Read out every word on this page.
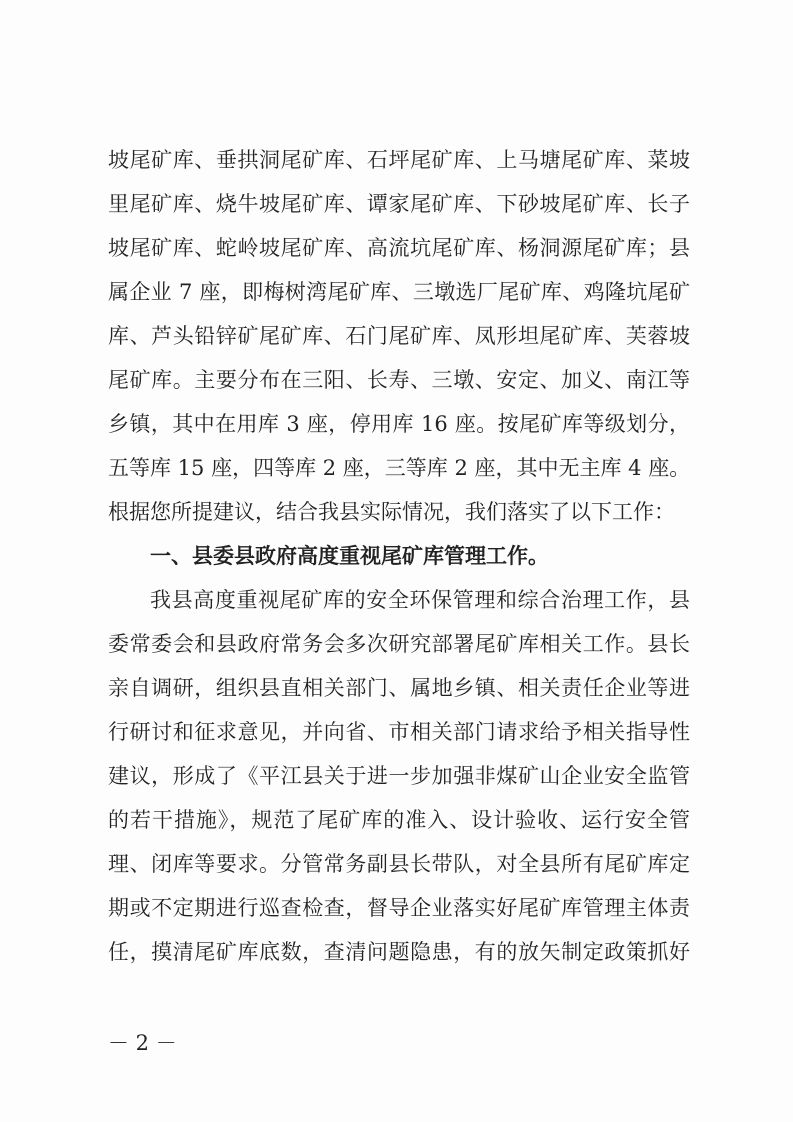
坡尾矿库、垂拱洞尾矿库、石坪尾矿库、上马塘尾矿库、菜坡
里尾矿库、烧牛坡尾矿库、谭家尾矿库、下砂坡尾矿库、长子
坡尾矿库、蛇岭坡尾矿库、高流坑尾矿库、杨洞源尾矿库；县
属企业 7 座，即梅树湾尾矿库、三墩选厂尾矿库、鸡隆坑尾矿
库、芦头铅锌矿尾矿库、石门尾矿库、凤形坦尾矿库、芙蓉坡
尾矿库。主要分布在三阳、长寿、三墩、安定、加义、南江等
乡镇，其中在用库 3 座，停用库 16 座。按尾矿库等级划分，
五等库 15 座，四等库 2 座，三等库 2 座，其中无主库 4 座。
根据您所提建议，结合我县实际情况，我们落实了以下工作：
一、县委县政府高度重视尾矿库管理工作。
我县高度重视尾矿库的安全环保管理和综合治理工作，县
委常委会和县政府常务会多次研究部署尾矿库相关工作。县长
亲自调研，组织县直相关部门、属地乡镇、相关责任企业等进
行研讨和征求意见，并向省、市相关部门请求给予相关指导性
建议，形成了《平江县关于进一步加强非煤矿山企业安全监管
的若干措施》，规范了尾矿库的准入、设计验收、运行安全管
理、闭库等要求。分管常务副县长带队，对全县所有尾矿库定
期或不定期进行巡查检查，督导企业落实好尾矿库管理主体责
任，摸清尾矿库底数，查清问题隐患，有的放矢制定政策抓好
－ 2 －
